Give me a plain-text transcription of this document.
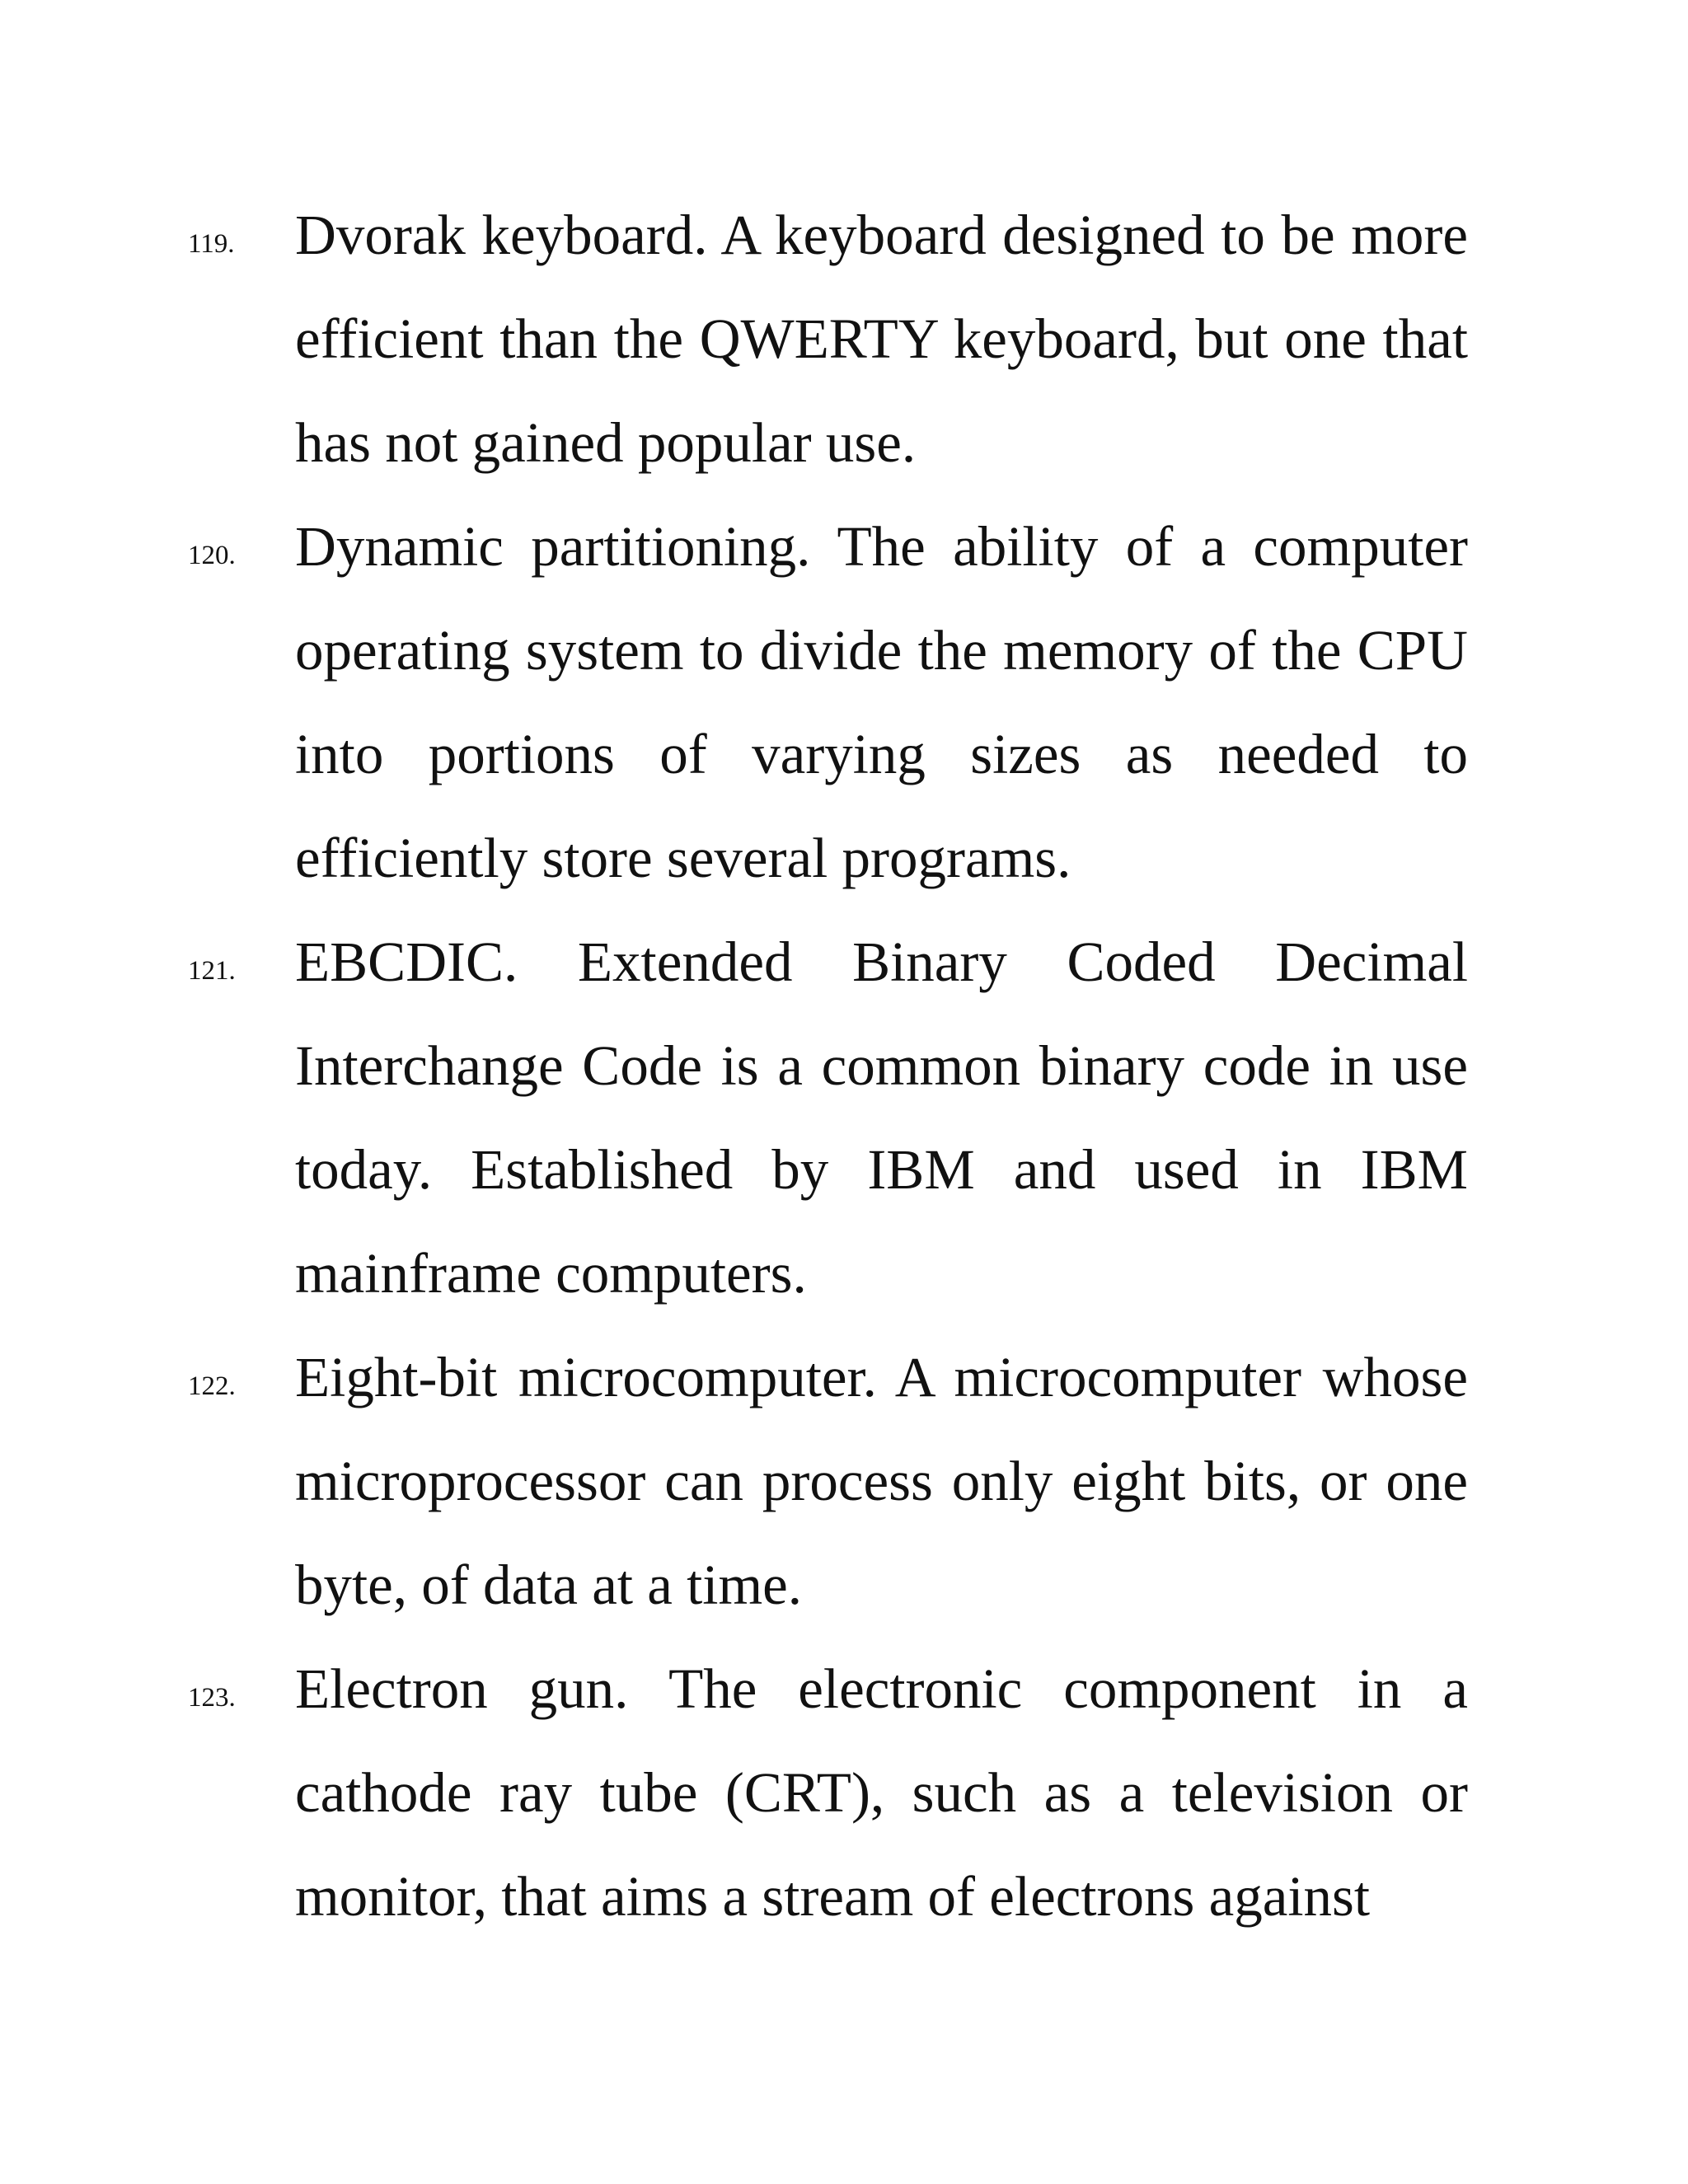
119. Dvorak keyboard. A keyboard designed to be more efficient than the QWERTY keyboard, but one that has not gained popular use.
120. Dynamic partitioning. The ability of a computer operating system to divide the memory of the CPU into portions of varying sizes as needed to efficiently store several programs.
121. EBCDIC. Extended Binary Coded Decimal Interchange Code is a common binary code in use today. Established by IBM and used in IBM mainframe computers.
122. Eight-bit microcomputer. A microcomputer whose microprocessor can process only eight bits, or one byte, of data at a time.
123. Electron gun. The electronic component in a cathode ray tube (CRT), such as a television or monitor, that aims a stream of electrons against
